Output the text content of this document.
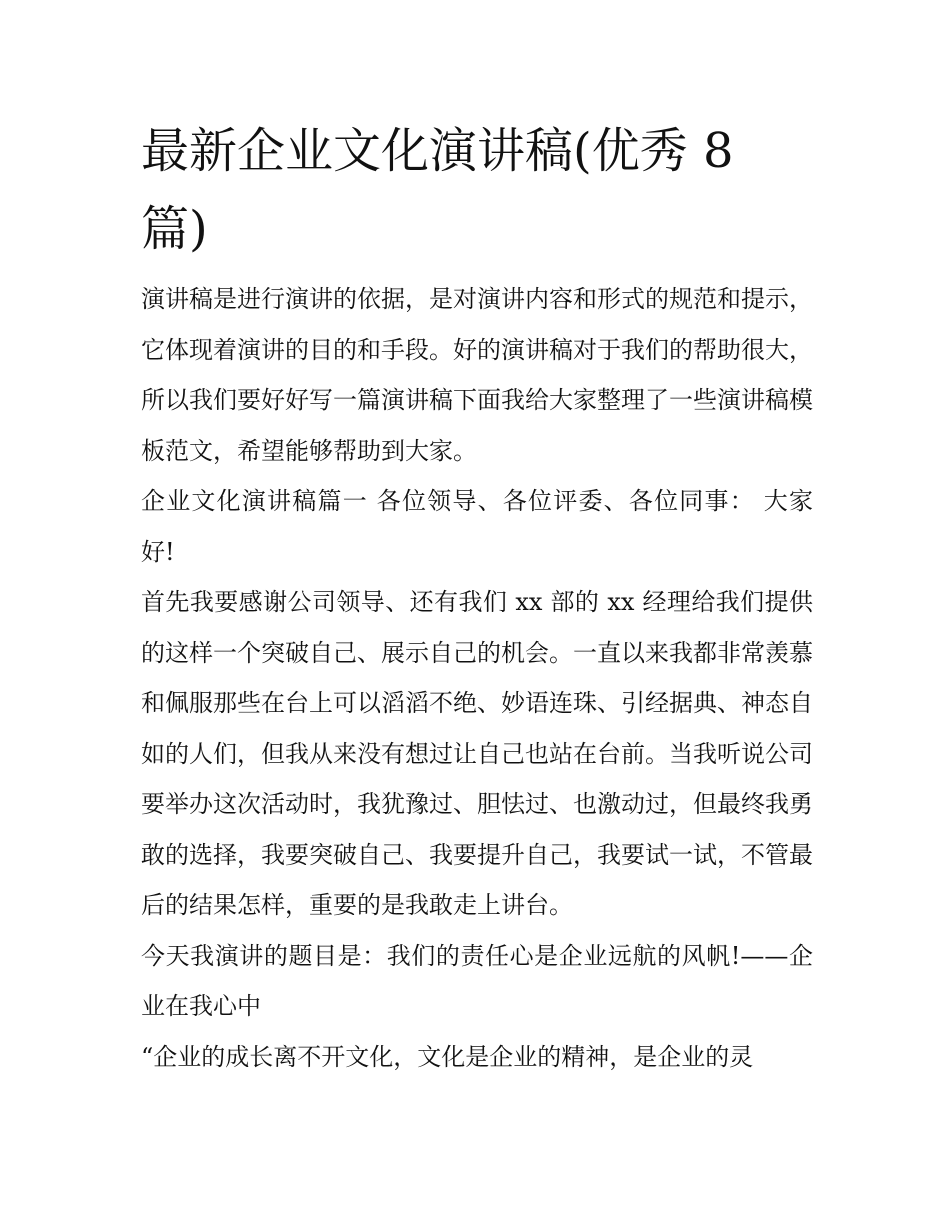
最新企业文化演讲稿(优秀 8 篇)

演讲稿是进行演讲的依据，是对演讲内容和形式的规范和提示，它体现着演讲的目的和手段。好的演讲稿对于我们的帮助很大，所以我们要好好写一篇演讲稿下面我给大家整理了一些演讲稿模板范文，希望能够帮助到大家。

企业文化演讲稿篇一 各位领导、各位评委、各位同事： 大家好!

首先我要感谢公司领导、还有我们 xx 部的 xx 经理给我们提供的这样一个突破自己、展示自己的机会。一直以来我都非常羡慕和佩服那些在台上可以滔滔不绝、妙语连珠、引经据典、神态自如的人们，但我从来没有想过让自己也站在台前。当我听说公司要举办这次活动时，我犹豫过、胆怯过、也激动过，但最终我勇敢的选择，我要突破自己、我要提升自己，我要试一试，不管最后的结果怎样，重要的是我敢走上讲台。

今天我演讲的题目是：我们的责任心是企业远航的风帆!——企业在我心中

“企业的成长离不开文化，文化是企业的精神，是企业的灵
